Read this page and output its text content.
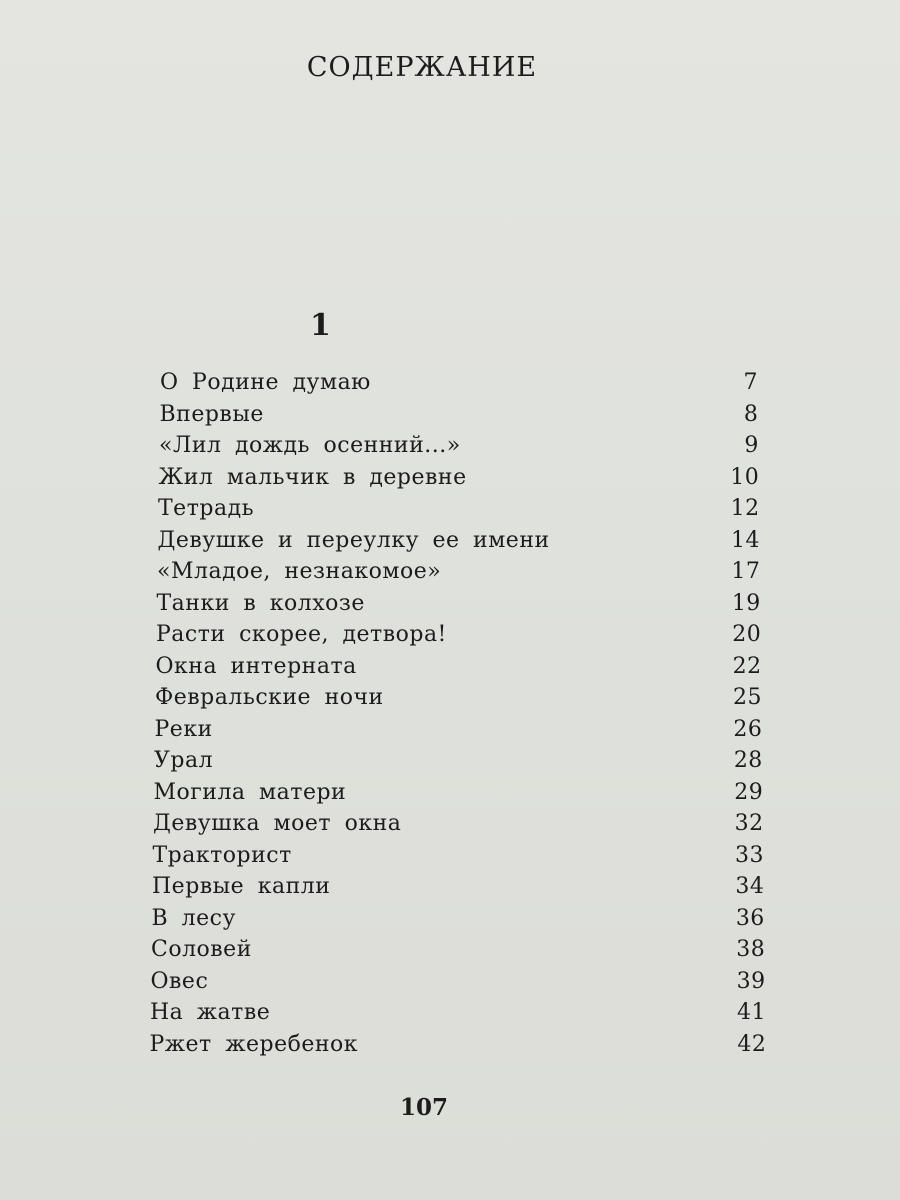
СОДЕРЖАНИЕ
1
О Родине думаю	7
Впервые	8
«Лил дождь осенний...»	9
Жил мальчик в деревне	10
Тетрадь	12
Девушке и переулку ее имени	14
«Младое, незнакомое»	17
Танки в колхозе	19
Расти скорее, детвора!	20
Окна интерната	22
Февральские ночи	25
Реки	26
Урал	28
Могила матери	29
Девушка моет окна	32
Тракторист	33
Первые капли	34
В лесу	36
Соловей	38
Овес	39
На жатве	41
Ржет жеребенок	42
107
